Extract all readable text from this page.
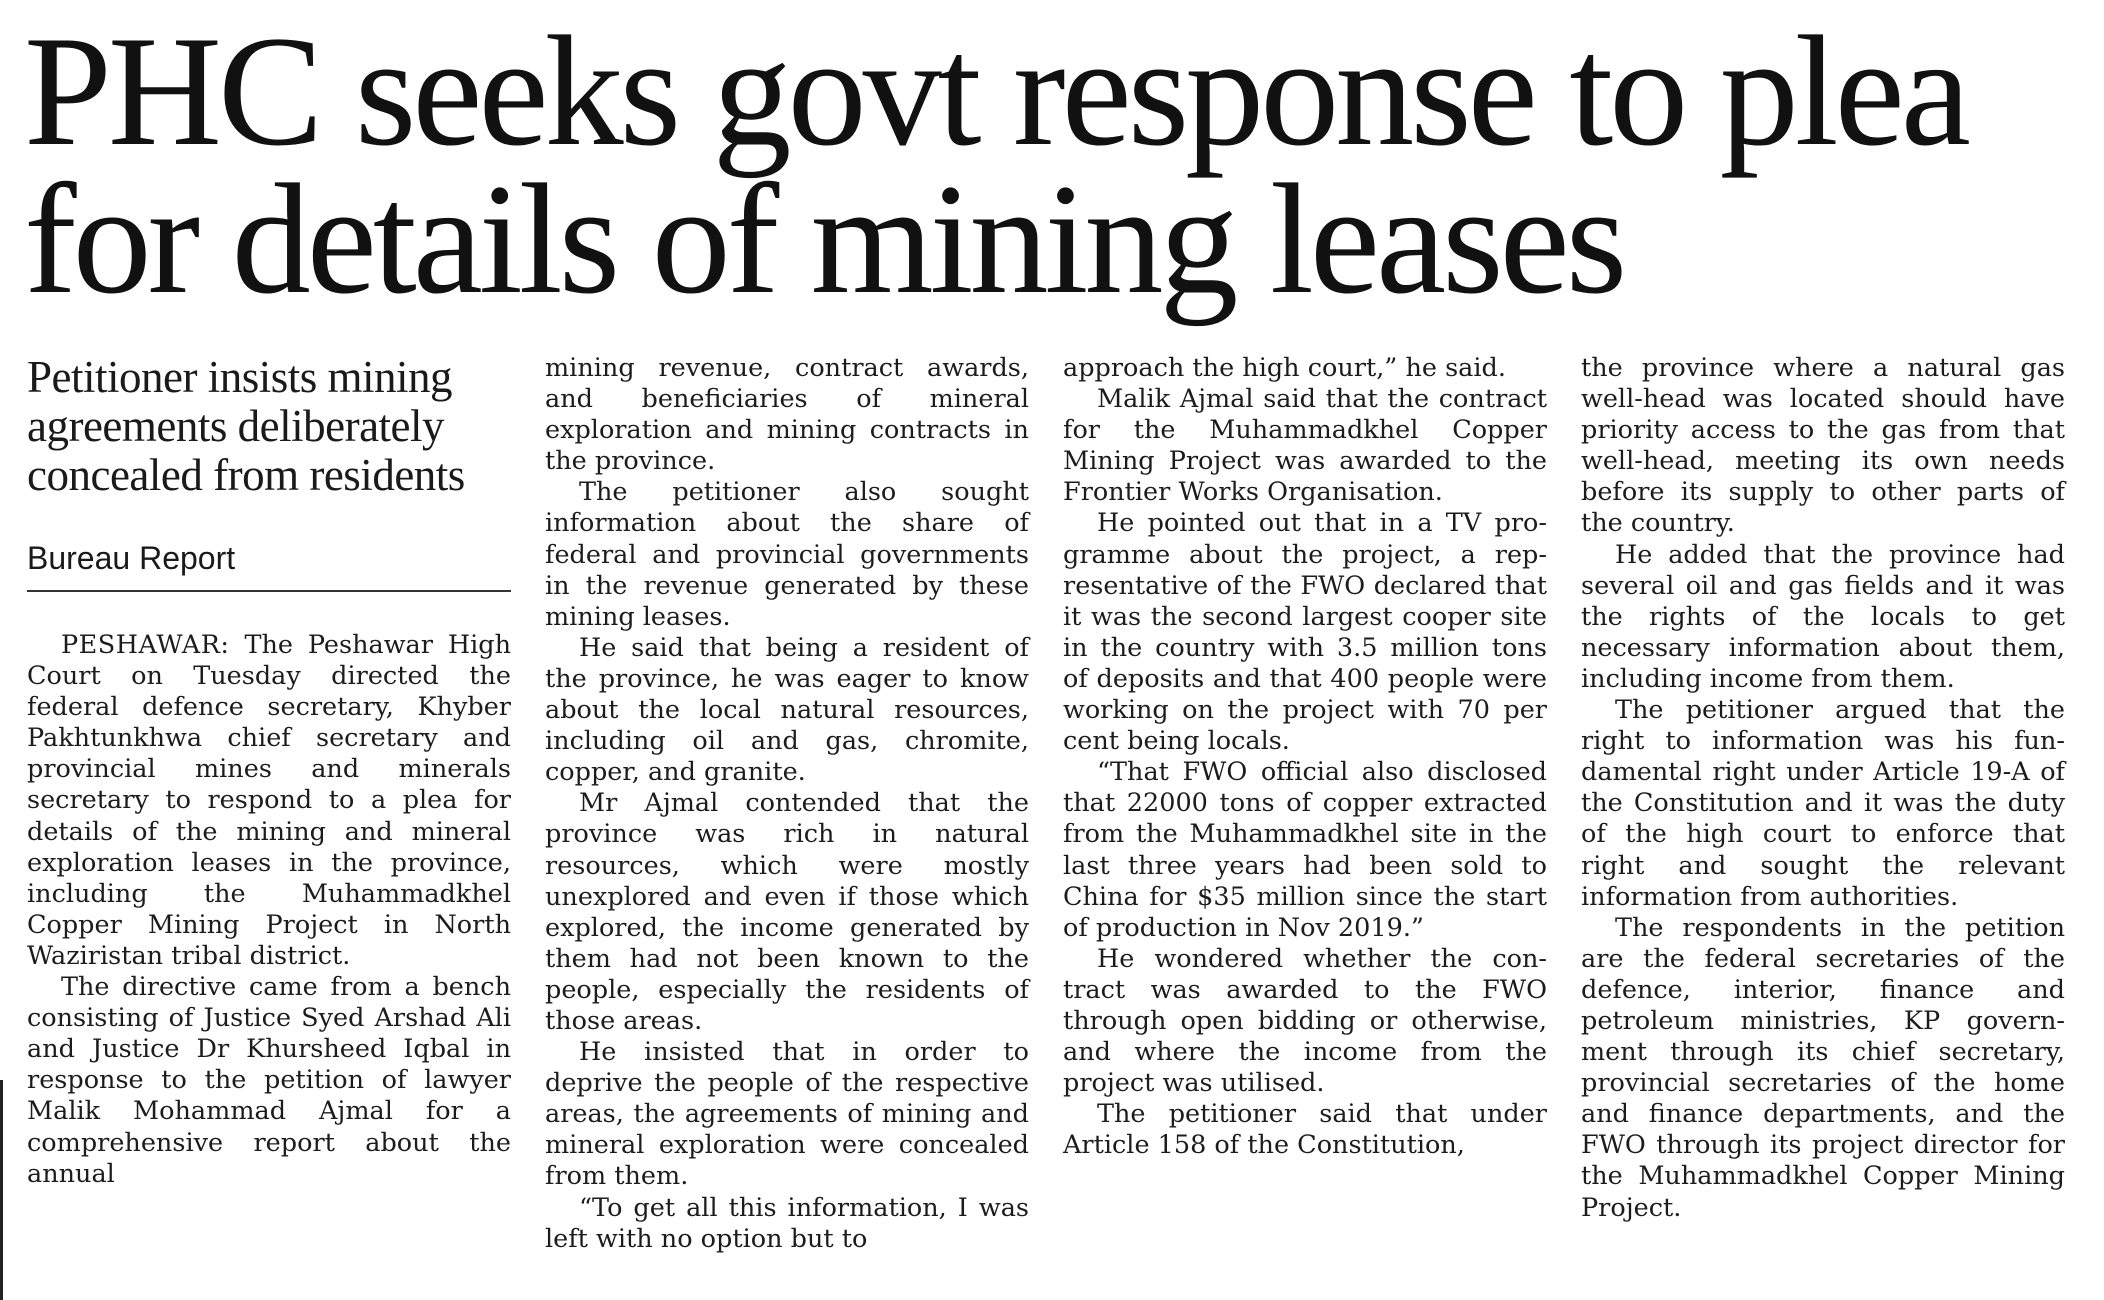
PHC seeks govt response to plea
for details of mining leases
Petitioner insists mining agreements deliberately concealed from residents
Bureau Report

PESHAWAR: The Peshawar High Court on Tuesday directed the federal defence secretary, Khyber Pakhtunkhwa chief secretary and provincial mines and minerals secretary to respond to a plea for details of the mining and mineral exploration leases in the province, including the Muhammadkhel Copper Mining Project in North Waziristan tribal district.

The directive came from a bench consisting of Justice Syed Arshad Ali and Justice Dr Khursheed Iqbal in response to the petition of lawyer Malik Mohammad Ajmal for a comprehensive report about the annual

mining revenue, contract awards, and beneficiaries of mineral exploration and mining contracts in the province.

The petitioner also sought information about the share of federal and provincial governments in the revenue generated by these mining leases.

He said that being a resident of the province, he was eager to know about the local natural resources, including oil and gas, chromite, copper, and granite.

Mr Ajmal contended that the province was rich in natural resources, which were mostly unexplored and even if those which explored, the income generated by them had not been known to the people, especially the residents of those areas.

He insisted that in order to deprive the people of the respective areas, the agreements of mining and mineral exploration were concealed from them.

“To get all this information, I was left with no option but to

approach the high court,” he said.

Malik Ajmal said that the contract for the Muhammadkhel Copper Mining Project was awarded to the Frontier Works Organisation.

He pointed out that in a TV programme about the project, a representative of the FWO declared that it was the second largest cooper site in the country with 3.5 million tons of deposits and that 400 people were working on the project with 70 per cent being locals.

“That FWO official also disclosed that 22000 tons of copper extracted from the Muhammadkhel site in the last three years had been sold to China for $35 million since the start of production in Nov 2019.”

He wondered whether the contract was awarded to the FWO through open bidding or otherwise, and where the income from the project was utilised.

The petitioner said that under Article 158 of the Constitution,

the province where a natural gas well-head was located should have priority access to the gas from that well-head, meeting its own needs before its supply to other parts of the country.

He added that the province had several oil and gas fields and it was the rights of the locals to get necessary information about them, including income from them.

The petitioner argued that the right to information was his fundamental right under Article 19-A of the Constitution and it was the duty of the high court to enforce that right and sought the relevant information from authorities.

The respondents in the petition are the federal secretaries of the defence, interior, finance and petroleum ministries, KP government through its chief secretary, provincial secretaries of the home and finance departments, and the FWO through its project director for the Muhammadkhel Copper Mining Project.
